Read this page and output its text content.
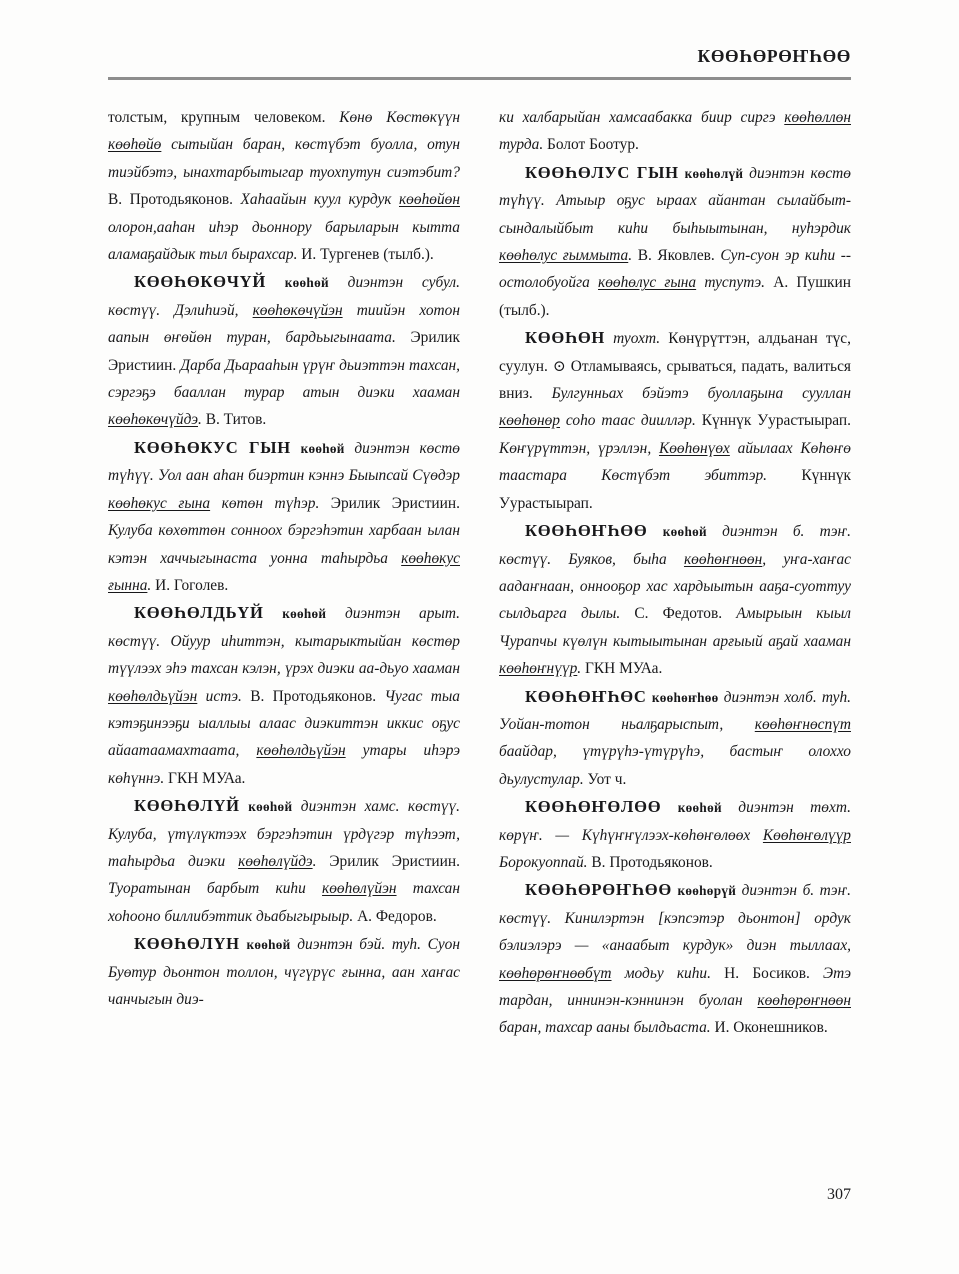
КӨӨҺӨРӨҤҺӨӨ

толстым, крупным человеком. Көнө Көстөкүүн көөһөйө сытыйан баран, көстүбэт буолла, отун тиэйбэтэ, ынахтарбытыгар туохпутун сиэтэбит? В. Протодьяконов. Хаһаайын куул курдук көөһөйөн олорон,ааһан иһэр дьоннору барыларын кытта аламаҕайдык тыл быраxсар. И. Тургенев (тылб.).

КӨӨҺӨКӨЧҮЙ көөһөй диэнтэн субул. көстүү. Дэлиһиэй, көөһөкөчүйэн тиийэн хотон ааnын өҥөйөн туран, бардьыгынаата. Эрилик Эристиин. Дарба Дьарааһын үрүҥ дьиэттэн тахсан, сэргэҕэ бааллан турар атын диэки хааман көөһөкөчүйдэ. В. Титов.

КӨӨҺӨКУС ГЫН көөһөй диэнтэн көстө түһүү. Уол аан аһан биэртин кэннэ Быыпсай Сүөдэр көөһөкус ғына көтөн түһэр. Эрилик Эристиин. Кулуба көхөттөн сонноох бэргэһэтин харбаан ылан кэтэн хаччыгынаста уонна таһырдьа көөһөкус ғынна. И. Гоголев.

КӨӨҺӨЛДЬҮЙ көөһөй диэнтэн арыт. көстүү. Ойуур иһиттэн, кытарыктыйан көстөр түүлээх эһэ тахсан кэлэн, үрэх диэки аа-дьуо хааман көөһөлдьүйэн истэ. В. Протодьяконов. Чугас тыа кэтэҕинээҕи ыаллыы алаас диэкиттэн иккис оҕус айаатаамахтаата, көөһөлдьүйэн утары иһэрэ көһүннэ. ГКН МУАа.

КӨӨҺӨЛҮЙ көөһөй диэнтэн хамс. көстүү. Кулуба, үтүлүктээх бэргэһэтин үрдүгэр түһээт, таһырдьа диэки көөһөлүйдэ. Эрилик Эристиин. Туоратынан барбыт киһи көөһөлүйэн тахсан хоһооно биллибэттик дьабыгырыыр. А. Федоров.

КӨӨҺӨЛҮН көөһөй диэнтэн бэй. туһ. Суон Буөтур дьонтон толлон, чүгүрүс ғынна, аан хаҥас чанчыгын диэ-

ки халбарыйан хамсаабакка биир сиргэ көөһөллөн турда. Болот Боотур.

КӨӨҺӨЛУС ГЫН көөһөлүй диэнтэн көстө түһүү. Атыыр оҕус ыраах айантан сылайбыт-сындалыйбыт киһи быһыытынан, нуһэрдик көөһөлус ғыммыта. В. Яковлев. Суп-суон эр киһи -- остолобуойга көөһөлус ғына туспутэ. А. Пушкин (тылб.).

КӨӨҺӨН туохт. Көнүрүттэн, алдьанан түс, суулун. ⊙ Отламываясь, срываться, падать, валиться вниз. Булгунньах бэйэтэ буоллаҕына сууллан көөһөнөр соһо таас диилләр. Күннүк Уурастыырап. Көҥүрүттэн, үрэллэн, Көөһөнүөх айылаах Көһөҥө таастара Көстүбэт эбиттэр. Күннүк Уурастыырап.

КӨӨҺӨҤҺӨӨ көөһөй диэнтэн б. тэҥ. көстүү. Буяков, быһа көөһөҥнөөн, уҥа-хаҥас аадаҥнаан, оннооҕор хас хардыытын ааҕа-суоттуу сылдьарга дылы. С. Федотов. Амырыын кыыл Чурапчы күөлүн кытыытынан арғыый аҕай хааман көөһөҥнүүр. ГКН МУАа.

КӨӨҺӨҤҺӨС көөһөҥһөө диэнтэн холб. туһ. Уойан-тотон ньалҕарыспыт, көөһөҥнөспүт баайдар, үтүрүһэ-үтүрүһэ, бастыҥ олоххо дьулустулар. Уот ч.

КӨӨҺӨҤӨЛӨӨ көөһөй диэнтэн төхт. көрүҥ. — Күһүҥҥүлээх-көһөҥөлөөх Көөһөҥөлүүр Борокуоппай. В. Протодьяконов.

КӨӨҺӨРӨҤҺӨӨ көөһөрүй диэнтэн б. тэҥ. көстүү. Кинилэртэн [кэпсэтэр дьонтон] ордук бэлиэлэрэ — «анаабыт курдук» диэн тыллаах, көөһөрөҥнөөбүт модьу киһи. Н. Босиков. Этэ тардан, иннинэн-кэннинэн буолан көөһөрөҥнөөн баран, тахсар ааны былдьаста. И. Оконешников.

307
